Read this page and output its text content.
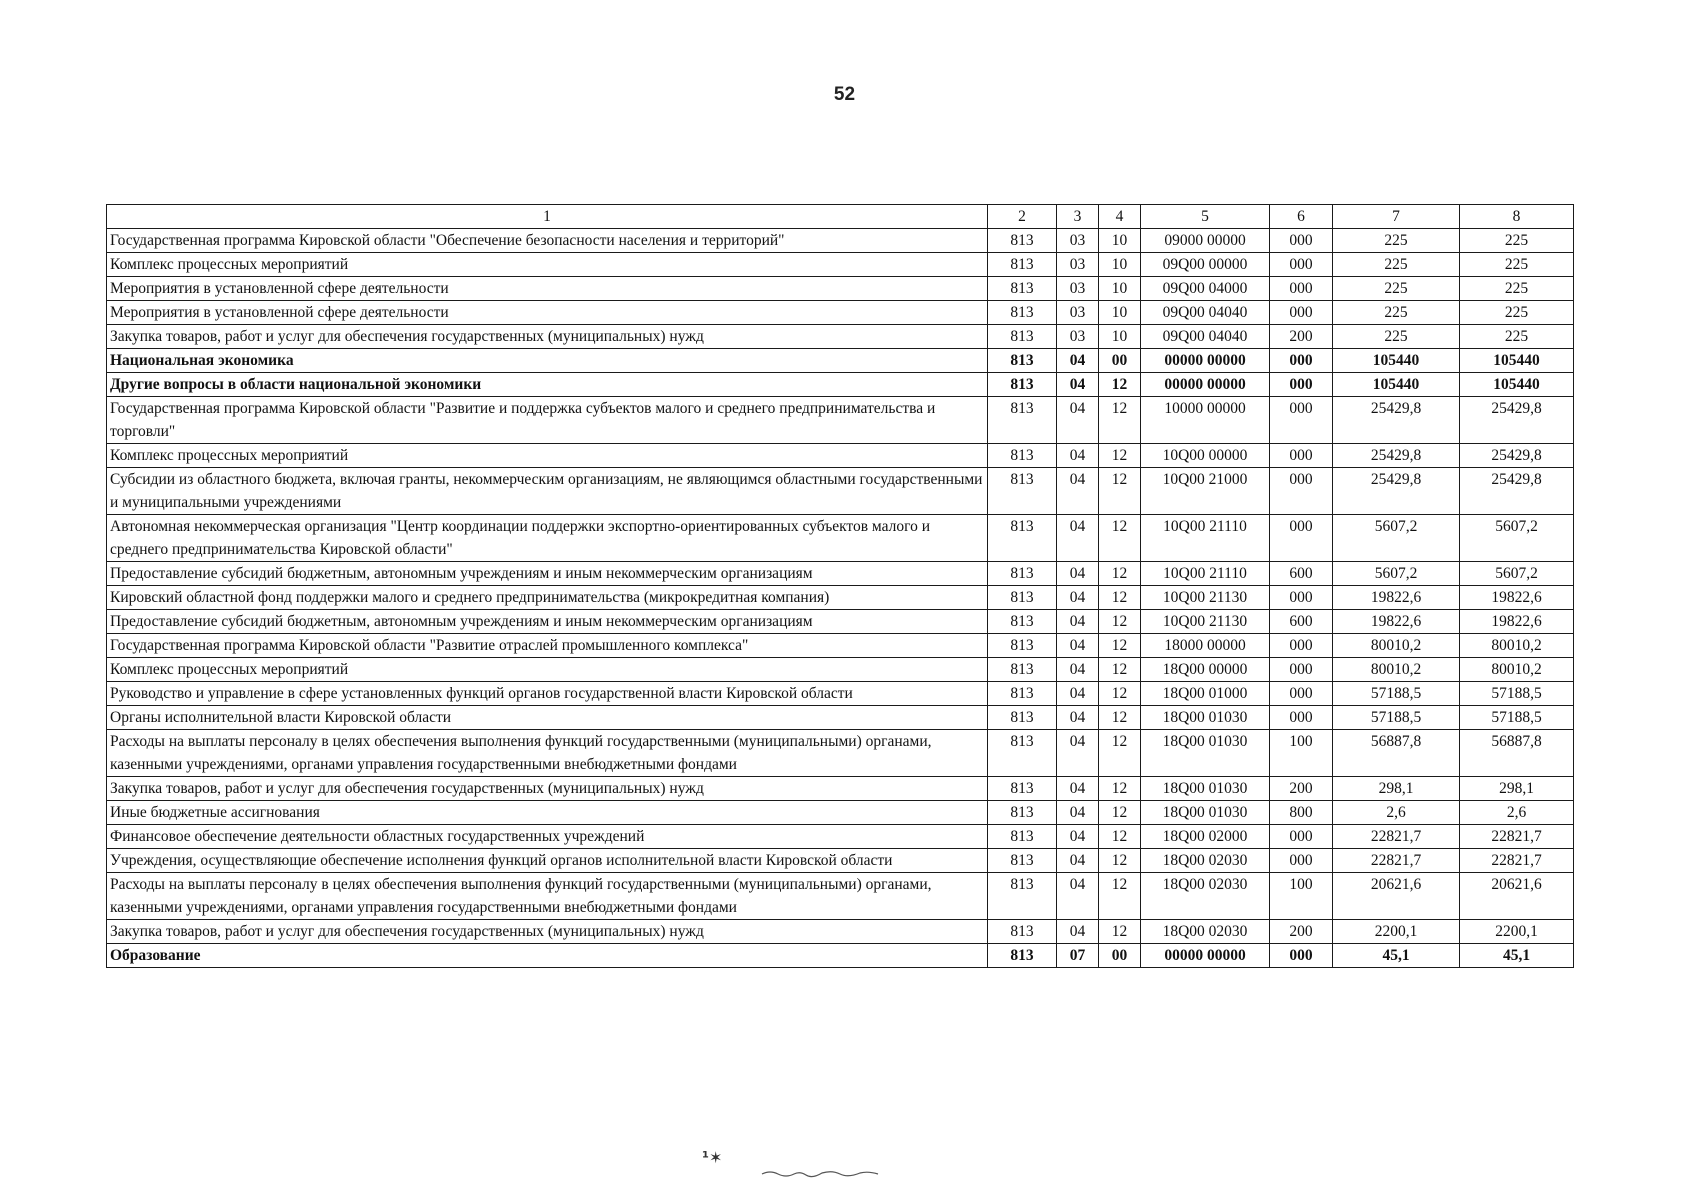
52
1	2	3	4	5	6	7	8
Государственная программа Кировской области "Обеспечение безопасности населения и территорий"	813	03	10	09000 00000	000	225	225
Комплекс процессных мероприятий	813	03	10	09Q00 00000	000	225	225
Мероприятия в установленной сфере деятельности	813	03	10	09Q00 04000	000	225	225
Мероприятия в установленной сфере деятельности	813	03	10	09Q00 04040	000	225	225
Закупка товаров, работ и услуг для обеспечения государственных (муниципальных) нужд	813	03	10	09Q00 04040	200	225	225
Национальная экономика	813	04	00	00000 00000	000	105440	105440
Другие вопросы в области национальной экономики	813	04	12	00000 00000	000	105440	105440
Государственная программа Кировской области "Развитие и поддержка субъектов малого и среднего предпринимательства и торговли"	813	04	12	10000 00000	000	25429,8	25429,8
Комплекс процессных мероприятий	813	04	12	10Q00 00000	000	25429,8	25429,8
Субсидии из областного бюджета, включая гранты, некоммерческим организациям, не являющимся областными государственными и муниципальными учреждениями	813	04	12	10Q00 21000	000	25429,8	25429,8
Автономная некоммерческая организация "Центр координации поддержки экспортно-ориентированных субъектов малого и среднего предпринимательства Кировской области"	813	04	12	10Q00 21110	000	5607,2	5607,2
Предоставление субсидий бюджетным, автономным учреждениям и иным некоммерческим организациям	813	04	12	10Q00 21110	600	5607,2	5607,2
Кировский областной фонд поддержки малого и среднего предпринимательства (микрокредитная компания)	813	04	12	10Q00 21130	000	19822,6	19822,6
Предоставление субсидий бюджетным, автономным учреждениям и иным некоммерческим организациям	813	04	12	10Q00 21130	600	19822,6	19822,6
Государственная программа Кировской области "Развитие отраслей промышленного комплекса"	813	04	12	18000 00000	000	80010,2	80010,2
Комплекс процессных мероприятий	813	04	12	18Q00 00000	000	80010,2	80010,2
Руководство и управление в сфере установленных функций органов государственной власти Кировской области	813	04	12	18Q00 01000	000	57188,5	57188,5
Органы исполнительной власти Кировской области	813	04	12	18Q00 01030	000	57188,5	57188,5
Расходы на выплаты персоналу в целях обеспечения выполнения функций государственными (муниципальными) органами, казенными учреждениями, органами управления государственными внебюджетными фондами	813	04	12	18Q00 01030	100	56887,8	56887,8
Закупка товаров, работ и услуг для обеспечения государственных (муниципальных) нужд	813	04	12	18Q00 01030	200	298,1	298,1
Иные бюджетные ассигнования	813	04	12	18Q00 01030	800	2,6	2,6
Финансовое обеспечение деятельности областных государственных учреждений	813	04	12	18Q00 02000	000	22821,7	22821,7
Учреждения, осуществляющие обеспечение исполнения функций органов исполнительной власти Кировской области	813	04	12	18Q00 02030	000	22821,7	22821,7
Расходы на выплаты персоналу в целях обеспечения выполнения функций государственными (муниципальными) органами, казенными учреждениями, органами управления государственными внебюджетными фондами	813	04	12	18Q00 02030	100	20621,6	20621,6
Закупка товаров, работ и услуг для обеспечения государственных (муниципальных) нужд	813	04	12	18Q00 02030	200	2200,1	2200,1
Образование	813	07	00	00000 00000	000	45,1	45,1
¹✶
